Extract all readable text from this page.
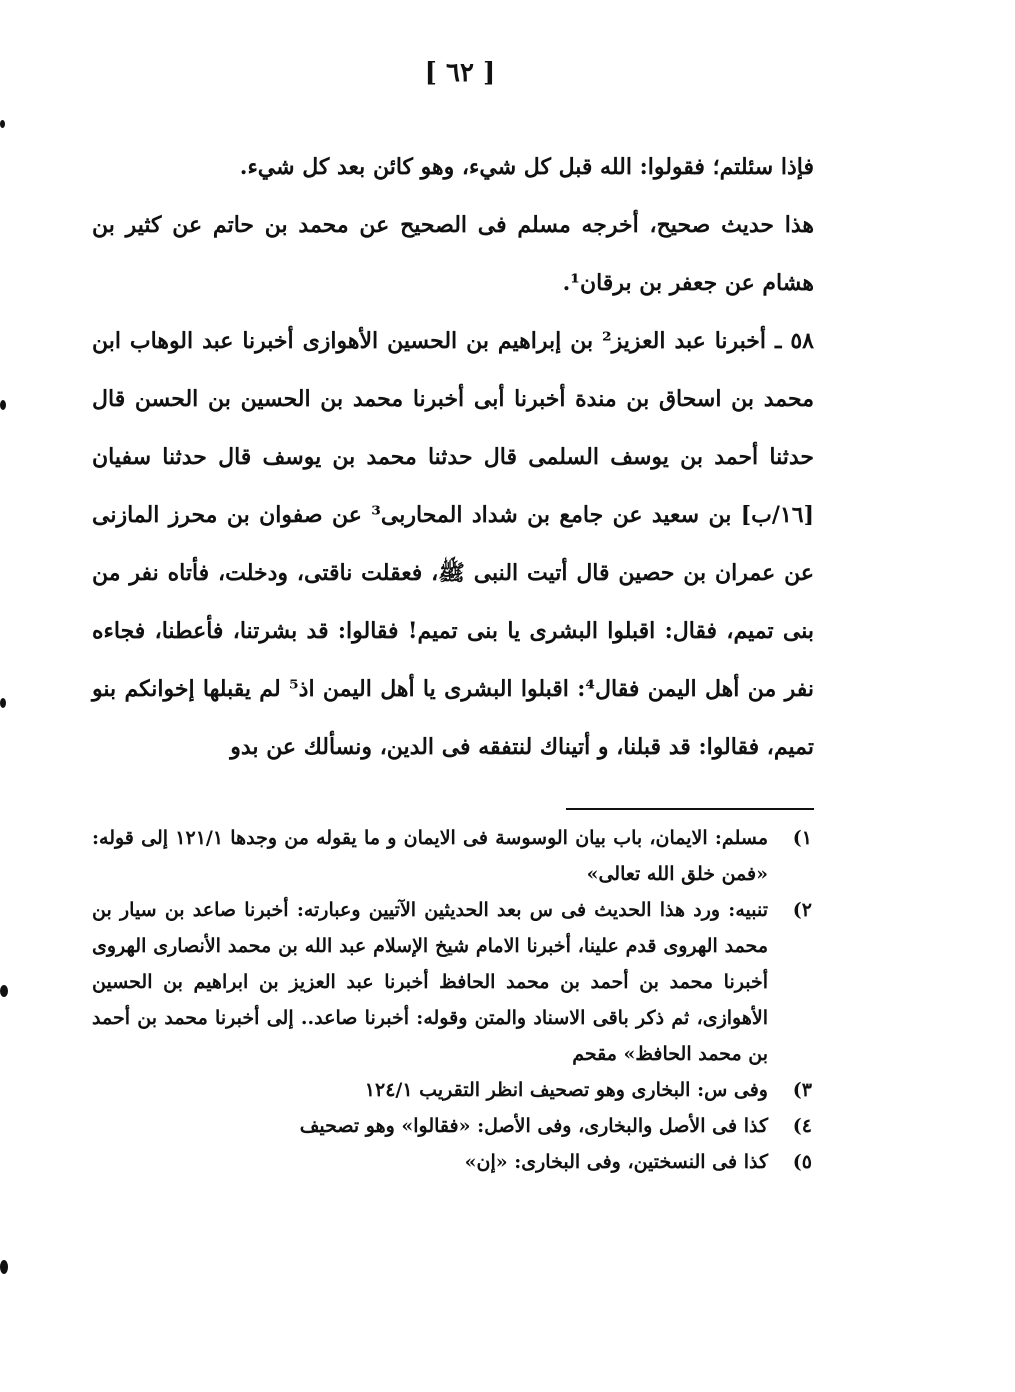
[ ٦٢ ]

فإذا سئلتم؛ فقولوا: الله قبل كل شيء، وهو كائن بعد كل شيء.

هذا حديث صحيح، أخرجه مسلم فى الصحيح عن محمد بن حاتم عن كثير بن هشام عن جعفر بن برقان¹.

٥٨ ـ أخبرنا عبد العزيز² بن إبراهيم بن الحسين الأهوازى أخبرنا عبد الوهاب ابن محمد بن اسحاق بن مندة أخبرنا أبى أخبرنا محمد بن الحسين بن الحسن قال حدثنا أحمد بن يوسف السلمى قال حدثنا محمد بن يوسف قال حدثنا سفيان [١٦/ب] بن سعيد عن جامع بن شداد المحاربى³ عن صفوان بن محرز المازنى عن عمران بن حصين قال أتيت النبى ﷺ، فعقلت ناقتى، ودخلت، فأتاه نفر من بنى تميم، فقال: اقبلوا البشرى يا بنى تميم! فقالوا: قد بشرتنا، فأعطنا، فجاءه نفر من أهل اليمن فقال⁴: اقبلوا البشرى يا أهل اليمن اذ⁵ لم يقبلها إخوانكم بنو تميم، فقالوا: قد قبلنا، و أتيناك لنتفقه فى الدين، ونسألك عن بدو

١)
مسلم: الايمان، باب بيان الوسوسة فى الايمان و ما يقوله من وجدها ١٢١/١ إلى قوله: «فمن خلق الله تعالى»
٢)
تنبيه: ورد هذا الحديث فى س بعد الحديثين الآتيين وعبارته: أخبرنا صاعد بن سيار بن محمد الهروى قدم علينا، أخبرنا الامام شيخ الإسلام عبد الله بن محمد الأنصارى الهروى أخبرنا محمد بن أحمد بن محمد الحافظ أخبرنا عبد العزيز بن ابراهيم بن الحسين الأهوازى، ثم ذكر باقى الاسناد والمتن وقوله: أخبرنا صاعد.. إلى أخبرنا محمد بن أحمد بن محمد الحافظ» مقحم
٣)
وفى س: البخارى وهو تصحيف انظر التقريب ١٢٤/١
٤)
كذا فى الأصل والبخارى، وفى الأصل: «فقالوا» وهو تصحيف
٥)
كذا فى النسختين، وفى البخارى: «إن»
